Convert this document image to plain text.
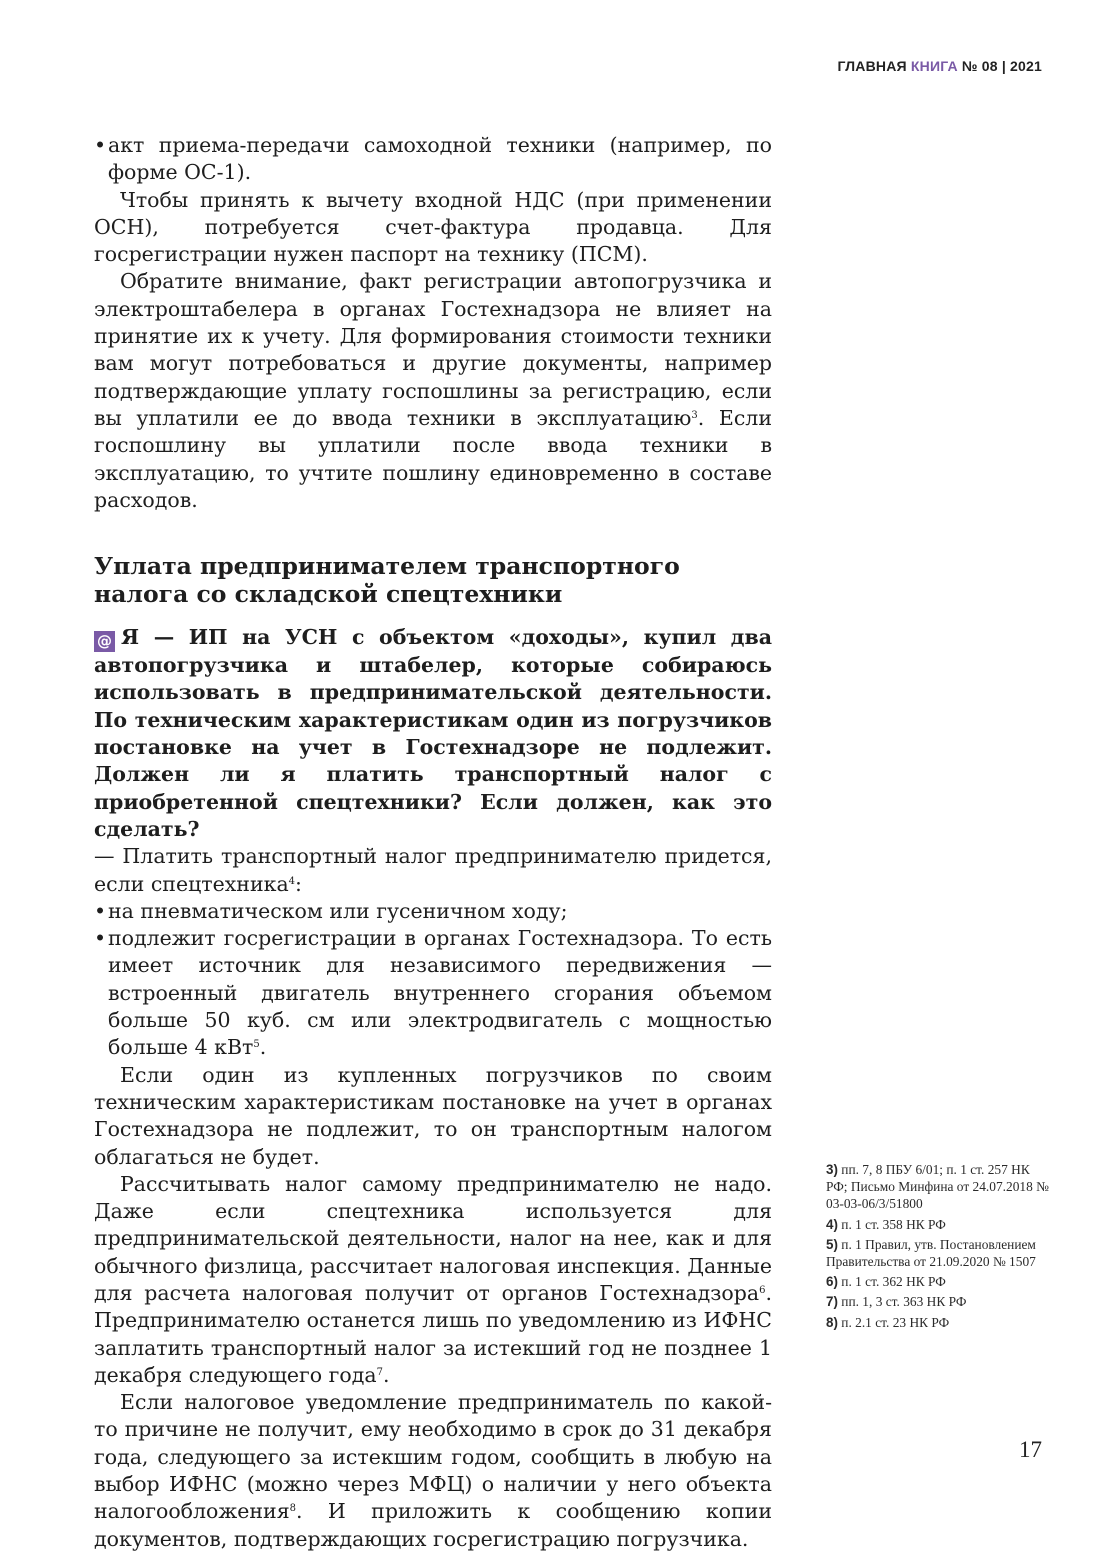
ГЛАВНАЯ КНИГА № 08 | 2021
• акт приема-передачи самоходной техники (например, по форме ОС-1).

Чтобы принять к вычету входной НДС (при применении ОСН), потребуется счет-фактура продавца. Для госрегистрации нужен паспорт на технику (ПСМ).

Обратите внимание, факт регистрации автопогрузчика и электроштабелера в органах Гостехнадзора не влияет на принятие их к учету. Для формирования стоимости техники вам могут потребоваться и другие документы, например подтверждающие уплату госпошлины за регистрацию, если вы уплатили ее до ввода техники в эксплуатацию$^3$. Если госпошлину вы уплатили после ввода техники в эксплуатацию, то учтите пошлину единовременно в составе расходов.

Уплата предпринимателем транспортного налога со складской спецтехники
@ Я — ИП на УСН с объектом «доходы», купил два автопогрузчика и штабелер, которые собираюсь использовать в предпринимательской деятельности. По техническим характеристикам один из погрузчиков постановке на учет в Гостехнадзоре не подлежит. Должен ли я платить транспортный налог с приобретенной спецтехники? Если должен, как это сделать?

— Платить транспортный налог предпринимателю придется, если спецтехника$^4$:

• на пневматическом или гусеничном ходу;
• подлежит госрегистрации в органах Гостехнадзора. То есть имеет источник для независимого передвижения — встроенный двигатель внутреннего сгорания объемом больше 50 куб. см или электродвигатель с мощностью больше 4 кВт$^5$.

Если один из купленных погрузчиков по своим техническим характеристикам постановке на учет в органах Гостехнадзора не подлежит, то он транспортным налогом облагаться не будет.

Рассчитывать налог самому предпринимателю не надо. Даже если спецтехника используется для предпринимательской деятельности, налог на нее, как и для обычного физлица, рассчитает налоговая инспекция. Данные для расчета налоговая получит от органов Гостехнадзора$^6$. Предпринимателю останется лишь по уведомлению из ИФНС заплатить транспортный налог за истекший год не позднее 1 декабря следующего года$^7$.

Если налоговое уведомление предприниматель по какой-то причине не получит, ему необходимо в срок до 31 декабря года, следующего за истекшим годом, сообщить в любую на выбор ИФНС (можно через МФЦ) о наличии у него объекта налогообложения$^8$. И приложить к сообщению копии документов, подтверждающих госрегистрацию погрузчика.

3) пп. 7, 8 ПБУ 6/01; п. 1 ст. 257 НК РФ; Письмо Минфина от 24.07.2018 № 03-03-06/3/51800
4) п. 1 ст. 358 НК РФ
5) п. 1 Правил, утв. Постановлением Правительства от 21.09.2020 № 1507
6) п. 1 ст. 362 НК РФ
7) пп. 1, 3 ст. 363 НК РФ
8) п. 2.1 ст. 23 НК РФ
17
